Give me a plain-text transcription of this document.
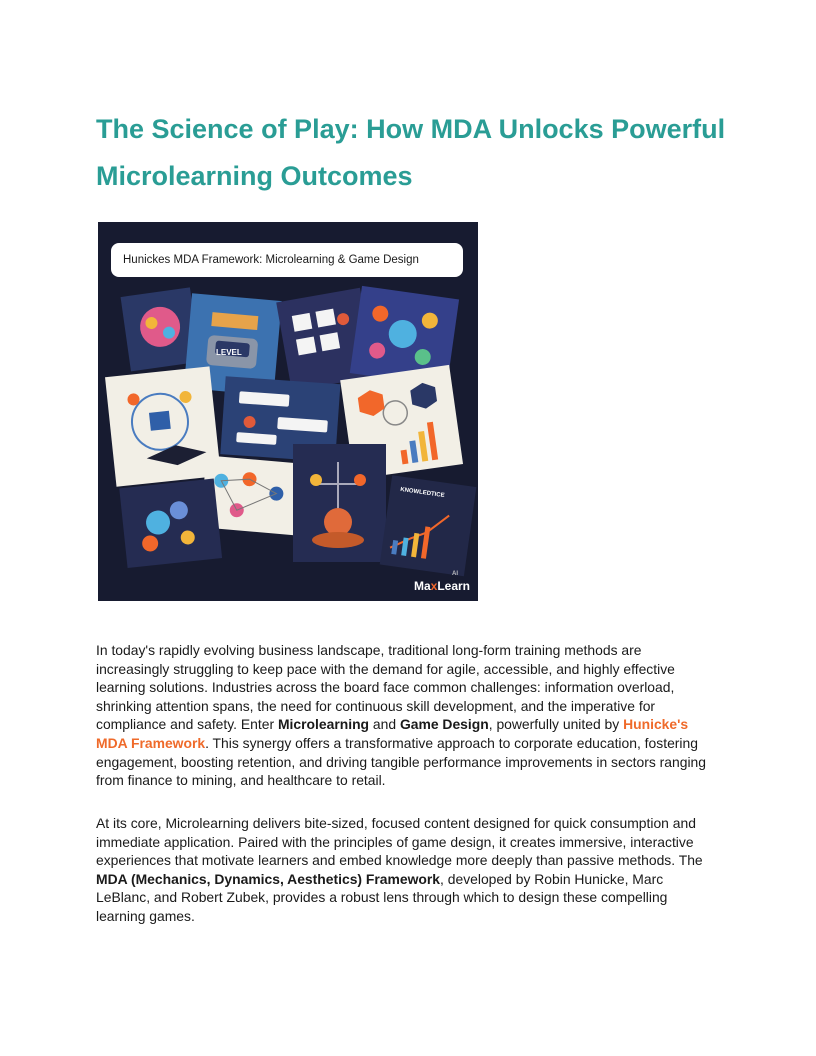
The Science of Play: How MDA Unlocks Powerful Microlearning Outcomes
Hunickes MDA Framework: Microlearning & Game Design
LEVEL
KNOWLEDTICE
MaxLearn
AI

In today's rapidly evolving business landscape, traditional long-form training methods are increasingly struggling to keep pace with the demand for agile, accessible, and highly effective learning solutions. Industries across the board face common challenges: information overload, shrinking attention spans, the need for continuous skill development, and the imperative for compliance and safety. Enter Microlearning and Game Design, powerfully united by Hunicke's MDA Framework. This synergy offers a transformative approach to corporate education, fostering engagement, boosting retention, and driving tangible performance improvements in sectors ranging from finance to mining, and healthcare to retail.

At its core, Microlearning delivers bite-sized, focused content designed for quick consumption and immediate application. Paired with the principles of game design, it creates immersive, interactive experiences that motivate learners and embed knowledge more deeply than passive methods. The MDA (Mechanics, Dynamics, Aesthetics) Framework, developed by Robin Hunicke, Marc LeBlanc, and Robert Zubek, provides a robust lens through which to design these compelling learning games.
